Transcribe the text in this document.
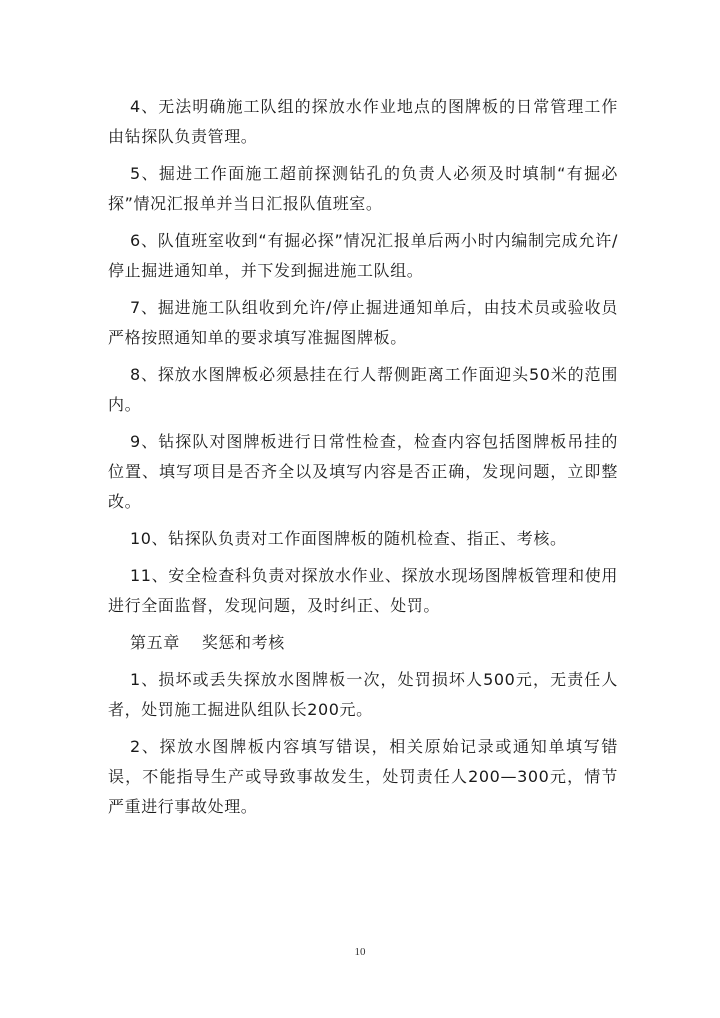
4、无法明确施工队组的探放水作业地点的图牌板的日常管理工作由钻探队负责管理。

5、掘进工作面施工超前探测钻孔的负责人必须及时填制“有掘必探”情况汇报单并当日汇报队值班室。

6、队值班室收到“有掘必探”情况汇报单后两小时内编制完成允许/停止掘进通知单，并下发到掘进施工队组。

7、掘进施工队组收到允许/停止掘进通知单后，由技术员或验收员严格按照通知单的要求填写准掘图牌板。

8、探放水图牌板必须悬挂在行人帮侧距离工作面迎头50米的范围内。

9、钻探队对图牌板进行日常性检查，检查内容包括图牌板吊挂的位置、填写项目是否齐全以及填写内容是否正确，发现问题，立即整改。

10、钻探队负责对工作面图牌板的随机检查、指正、考核。

11、安全检查科负责对探放水作业、探放水现场图牌板管理和使用进行全面监督，发现问题，及时纠正、处罚。

第五章 奖惩和考核

1、损坏或丢失探放水图牌板一次，处罚损坏人500元，无责任人者，处罚施工掘进队组队长200元。

2、探放水图牌板内容填写错误，相关原始记录或通知单填写错误，不能指导生产或导致事故发生，处罚责任人200—300元，情节严重进行事故处理。

10
